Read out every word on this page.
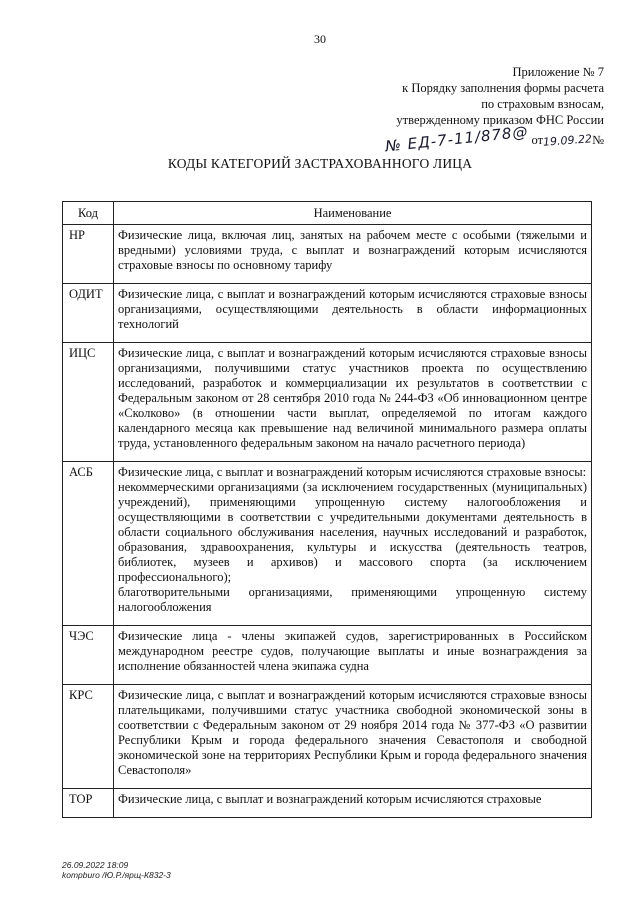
30
Приложение № 7
к Порядку заполнения формы расчета
по страховым взносам,
утвержденному приказом ФНС России
№ ЕД-7-11/878@ от19.09.22№
КОДЫ КАТЕГОРИЙ ЗАСТРАХОВАННОГО ЛИЦА
Код	Наименование
НР	Физические лица, включая лиц, занятых на рабочем месте с особыми (тяжелыми и вредными) условиями труда, с выплат и вознаграждений которым исчисляются страховые взносы по основному тарифу

ОДИТ	Физические лица, с выплат и вознаграждений которым исчисляются страховые взносы организациями, осуществляющими деятельность в области информационных технологий

ИЦС	Физические лица, с выплат и вознаграждений которым исчисляются страховые взносы организациями, получившими статус участников проекта по осуществлению исследований, разработок и коммерциализации их результатов в соответствии с Федеральным законом от 28 сентября 2010 года № 244-ФЗ «Об инновационном центре «Сколково» (в отношении части выплат, определяемой по итогам каждого календарного месяца как превышение над величиной минимального размера оплаты труда, установленного федеральным законом на начало расчетного периода)

АСБ	Физические лица, с выплат и вознаграждений которым исчисляются страховые взносы:
некоммерческими организациями (за исключением государственных (муниципальных) учреждений), применяющими упрощенную систему налогообложения и осуществляющими в соответствии с учредительными документами деятельность в области социального обслуживания населения, научных исследований и разработок, образования, здравоохранения, культуры и искусства (деятельность театров, библиотек, музеев и архивов) и массового спорта (за исключением профессионального);
благотворительными организациями, применяющими упрощенную систему налогообложения

ЧЭС	Физические лица - члены экипажей судов, зарегистрированных в Российском международном реестре судов, получающие выплаты и иные вознаграждения за исполнение обязанностей члена экипажа судна

КРС	Физические лица, с выплат и вознаграждений которым исчисляются страховые взносы плательщиками, получившими статус участника свободной экономической зоны в соответствии с Федеральным законом от 29 ноября 2014 года № 377-ФЗ «О развитии Республики Крым и города федерального значения Севастополя и свободной экономической зоне на территориях Республики Крым и города федерального значения Севастополя»

ТОР	Физические лица, с выплат и вознаграждений которым исчисляются страховые
26.09.2022 18:09
kompburo /Ю.Р./ярщ-К832-3
